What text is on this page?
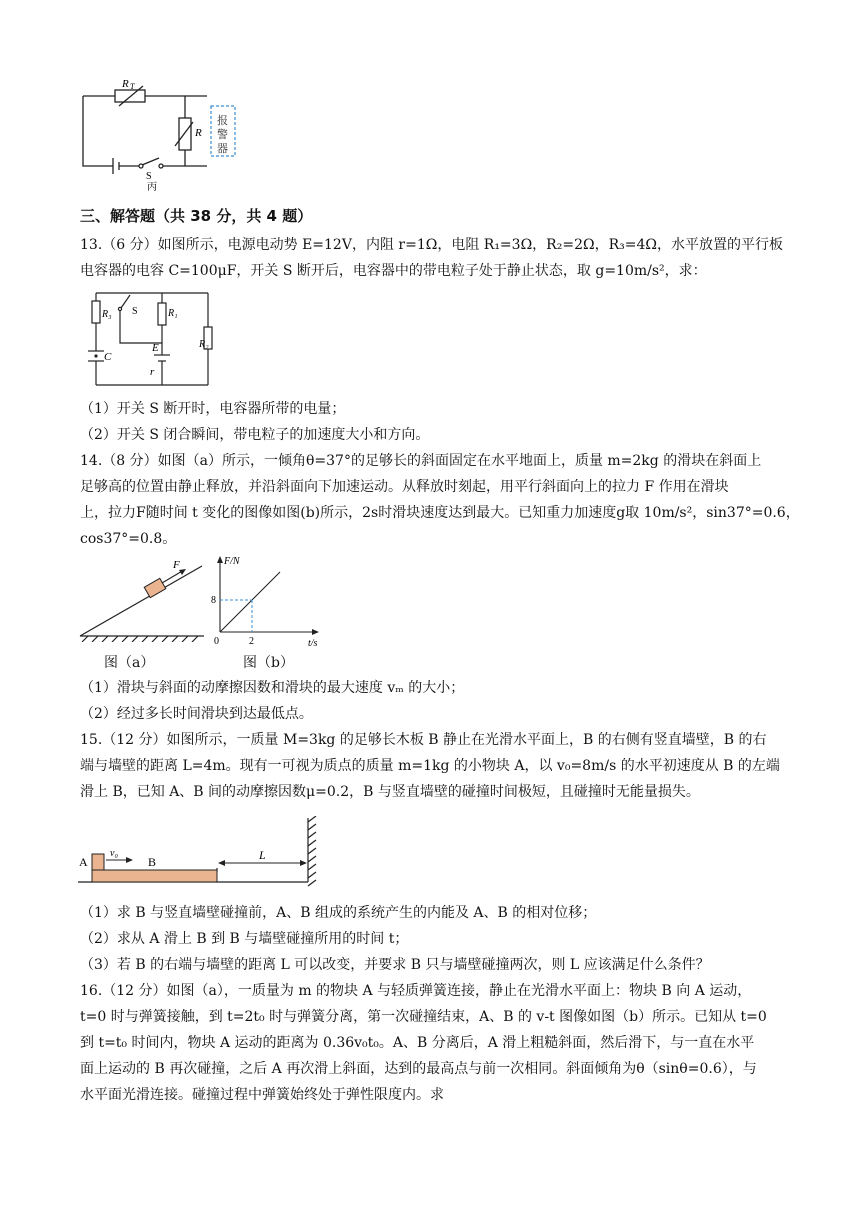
R T
R
报
警
器
S
丙
三、解答题（共 38 分，共 4 题）
13.（6 分）如图所示，电源电动势 E=12V，内阻 r=1Ω，电阻 R₁=3Ω，R₂=2Ω，R₃=4Ω，水平放置的平行板
电容器的电容 C=100μF，开关 S 断开后，电容器中的带电粒子处于静止状态，取 g=10m/s²，求：
R₃ S	R₁
R₂
C
E
r
（1）开关 S 断开时，电容器所带的电量；
（2）开关 S 闭合瞬间，带电粒子的加速度大小和方向。
14.（8 分）如图（a）所示，一倾角θ=37°的足够长的斜面固定在水平地面上，质量 m=2kg 的滑块在斜面上
足够高的位置由静止释放，并沿斜面向下加速运动。从释放时刻起，用平行斜面向上的拉力 F 作用在滑块
上，拉力F随时间 t 变化的图像如图(b)所示，2s时滑块速度达到最大。已知重力加速度g取 10m/s²，sin37°=0.6，
cos37°=0.8。
F
图（a）
F/N
t/s
8
2
0
图（b）
（1）滑块与斜面的动摩擦因数和滑块的最大速度 vₘ 的大小；
（2）经过多长时间滑块到达最低点。
15.（12 分）如图所示，一质量 M=3kg 的足够长木板 B 静止在光滑水平面上，B 的右侧有竖直墙壁，B 的右
端与墙壁的距离 L=4m。现有一可视为质点的质量 m=1kg 的小物块 A，以 v₀=8m/s 的水平初速度从 B 的左端
滑上 B，已知 A、B 间的动摩擦因数μ=0.2，B 与竖直墙壁的碰撞时间极短，且碰撞时无能量损失。
A
v₀
B	L
（1）求 B 与竖直墙壁碰撞前，A、B 组成的系统产生的内能及 A、B 的相对位移；
（2）求从 A 滑上 B 到 B 与墙壁碰撞所用的时间 t；
（3）若 B 的右端与墙壁的距离 L 可以改变，并要求 B 只与墙壁碰撞两次，则 L 应该满足什么条件？
16.（12 分）如图（a），一质量为 m 的物块 A 与轻质弹簧连接，静止在光滑水平面上：物块 B 向 A 运动，
t=0 时与弹簧接触，到 t=2t₀ 时与弹簧分离，第一次碰撞结束，A、B 的 v-t 图像如图（b）所示。已知从 t=0
到 t=t₀ 时间内，物块 A 运动的距离为 0.36v₀t₀。A、B 分离后，A 滑上粗糙斜面，然后滑下，与一直在水平
面上运动的 B 再次碰撞，之后 A 再次滑上斜面，达到的最高点与前一次相同。斜面倾角为θ（sinθ=0.6），与
水平面光滑连接。碰撞过程中弹簧始终处于弹性限度内。求
